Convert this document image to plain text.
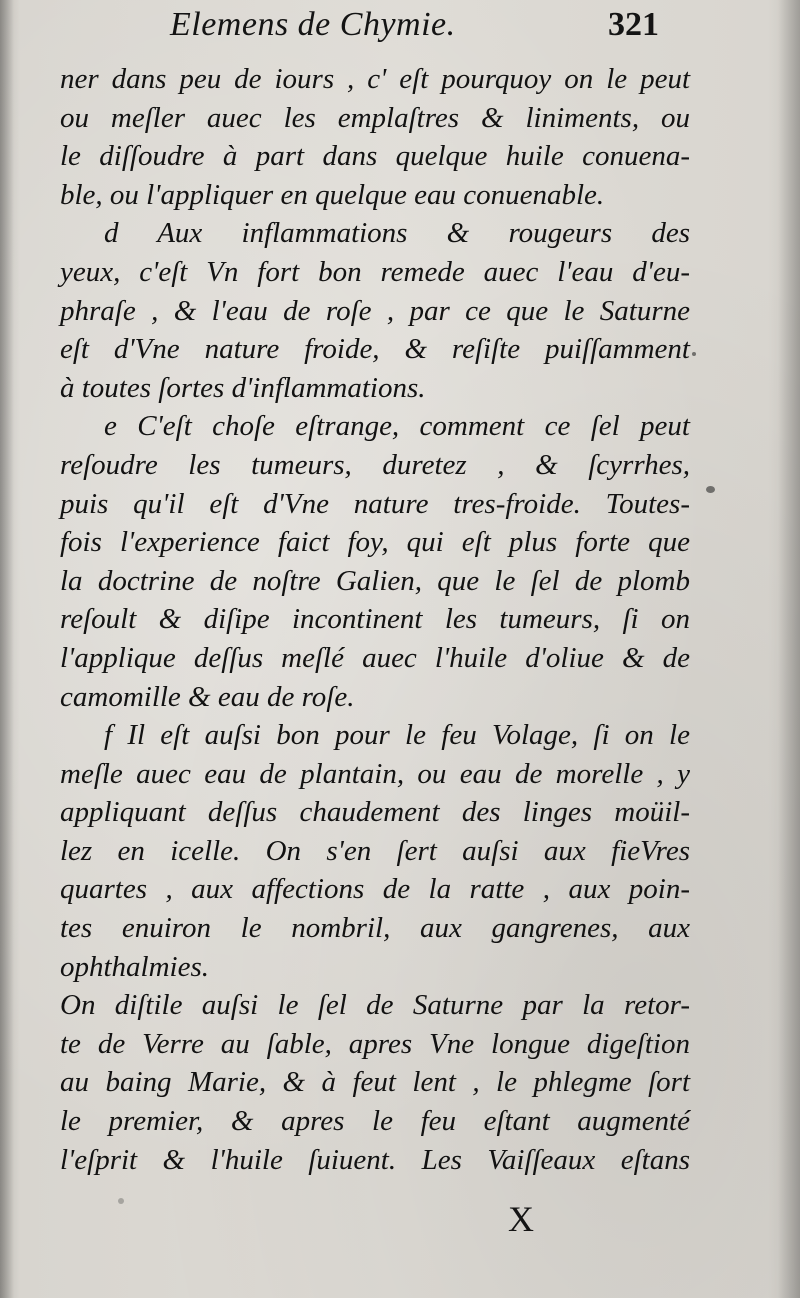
Elemens de Chymie.	321
ner dans peu de iours , c' eſt pourquoy on le peut
ou meſler auec les emplaſtres & liniments, ou
le diſſoudre à part dans quelque huile conuena-
ble, ou l'appliquer en quelque eau conuenable.
d Aux inflammations & rougeurs des
yeux, c'eſt Vn fort bon remede auec l'eau d'eu-
phraſe , & l'eau de roſe , par ce que le Saturne
eſt d'Vne nature froide, & reſiſte puiſſamment
à toutes ſortes d'inflammations.
e C'eſt choſe eſtrange, comment ce ſel peut
reſoudre les tumeurs, duretez , & ſcyrrhes,
puis qu'il eſt d'Vne nature tres-froide. Toutes-
fois l'experience faict foy, qui eſt plus forte que
la doctrine de noſtre Galien, que le ſel de plomb
reſoult & diſipe incontinent les tumeurs, ſi on
l'applique deſſus meſlé auec l'huile d'oliue & de
camomille & eau de roſe.
f Il eſt auſsi bon pour le feu Volage, ſi on le
meſle auec eau de plantain, ou eau de morelle , y
appliquant deſſus chaudement des linges moüil-
lez en icelle. On s'en ſert auſsi aux fieVres
quartes , aux affections de la ratte , aux poin-
tes enuiron le nombril, aux gangrenes, aux
ophthalmies.
On diſtile auſsi le ſel de Saturne par la retor-
te de Verre au ſable, apres Vne longue digeſtion
au baing Marie, & à feut lent , le phlegme ſort
le premier, & apres le feu eſtant augmenté
l'eſprit & l'huile ſuiuent. Les Vaiſſeaux eſtans
X
